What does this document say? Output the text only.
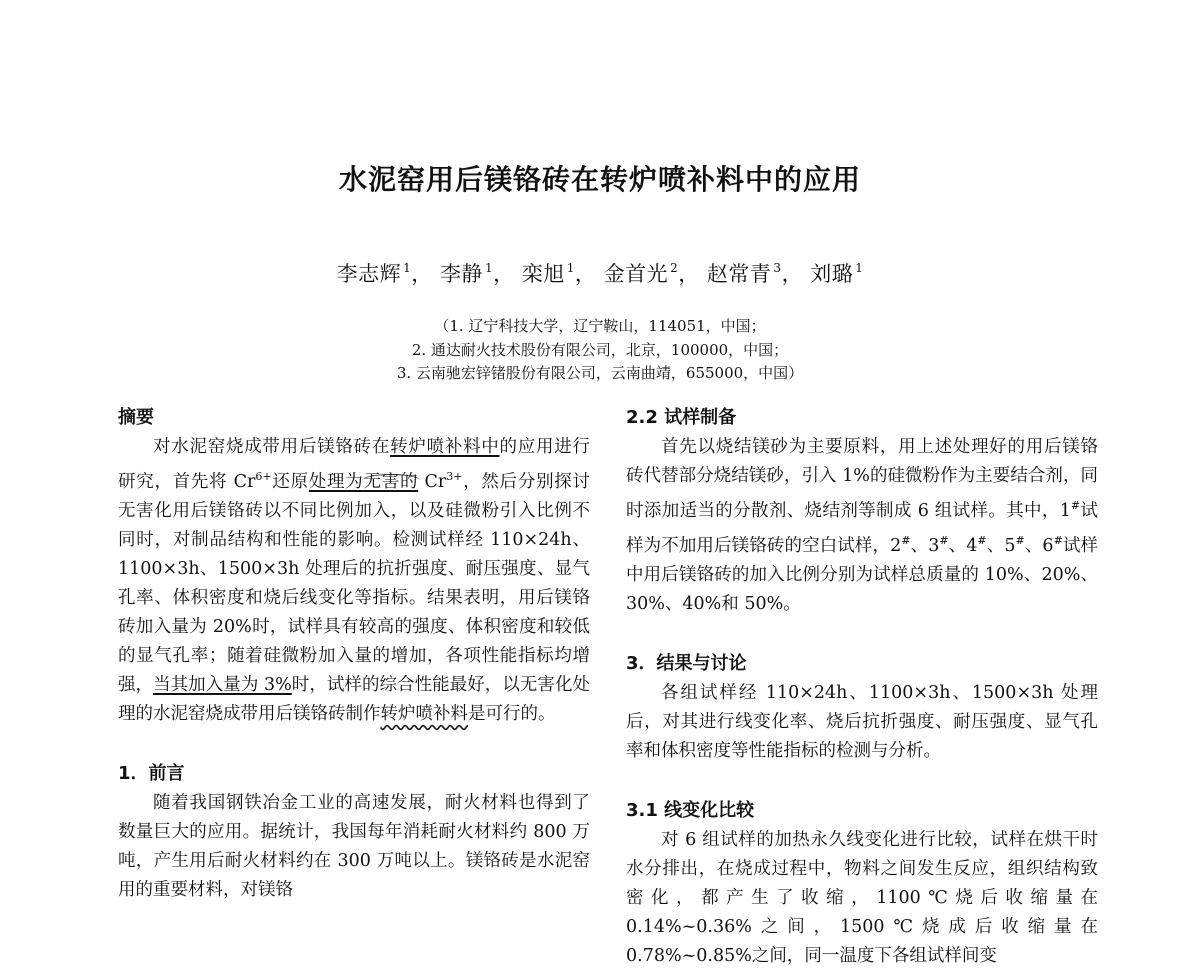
水泥窑用后镁铬砖在转炉喷补料中的应用
李志辉 $^1$， 李静 $^1$， 栾旭 $^1$， 金首光 $^2$， 赵常青 $^3$， 刘璐 $^1$
（1. 辽宁科技大学，辽宁鞍山，114051，中国；
2. 通达耐火技术股份有限公司，北京，100000，中国；
3. 云南驰宏锌锗股份有限公司，云南曲靖，655000，中国）

摘要

对水泥窑烧成带用后镁铬砖在转炉喷补料中的应用进行研究，首先将 $Cr^{6+}$还原处理为无害的 $Cr^{3+}$，然后分别探讨无害化用后镁铬砖以不同比例加入，以及硅微粉引入比例不同时，对制品结构和性能的影响。检测试样经 110×24h、1100×3h、1500×3h 处理后的抗折强度、耐压强度、显气孔率、体积密度和烧后线变化等指标。结果表明，用后镁铬砖加入量为 20%时，试样具有较高的强度、体积密度和较低的显气孔率；随着硅微粉加入量的增加，各项性能指标均增强，当其加入量为 3%时，试样的综合性能最好，以无害化处理的水泥窑烧成带用后镁铬砖制作转炉喷补料是可行的。

1．前言

随着我国钢铁冶金工业的高速发展，耐火材料也得到了数量巨大的应用。据统计，我国每年消耗耐火材料约 800 万吨，产生用后耐火材料约在 300 万吨以上。镁铬砖是水泥窑用的重要材料，对镁铬

2.2 试样制备

首先以烧结镁砂为主要原料，用上述处理好的用后镁铬砖代替部分烧结镁砂，引入 1%的硅微粉作为主要结合剂，同时添加适当的分散剂、烧结剂等制成 6 组试样。其中，1#试样为不加用后镁铬砖的空白试样，2#、3#、4#、5#、6#试样中用后镁铬砖的加入比例分别为试样总质量的 10%、20%、30%、40%和 50%。

3．结果与讨论

各组试样经 110×24h、1100×3h、1500×3h 处理后，对其进行线变化率、烧后抗折强度、耐压强度、显气孔率和体积密度等性能指标的检测与分析。

3.1 线变化比较

对 6 组试样的加热永久线变化进行比较，试样在烘干时水分排出，在烧成过程中，物料之间发生反应，组织结构致密化，都产生了收缩，1100℃烧后收缩量在 0.14%~0.36%之间，1500℃烧成后收缩量在 0.78%~0.85%之间，同一温度下各组试样间变
